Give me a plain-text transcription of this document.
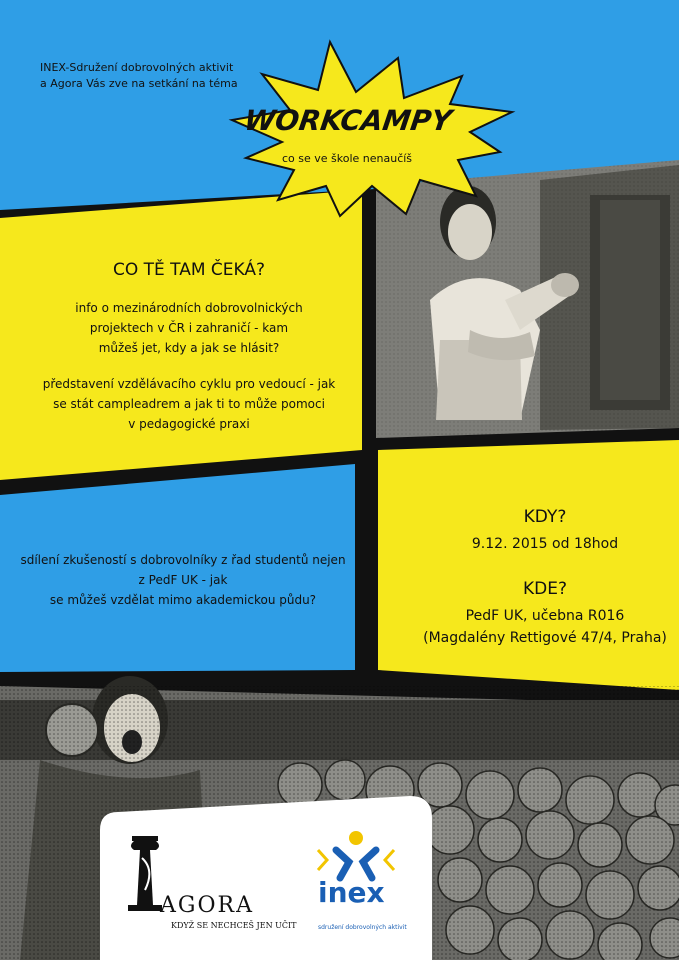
INEX-Sdružení dobrovolných aktivit
a Agora Vás zve na setkání na téma
WORKCAMPY
co se ve škole nenaučíš
CO TĚ TAM ČEKÁ?
info o mezinárodních dobrovolnických
projektech v ČR i zahraničí - kam
můžeš jet, kdy a jak se hlásit?
představení vzdělávacího cyklu pro vedoucí - jak
se stát campleadrem a jak ti to může pomoci
v pedagogické praxi
sdílení zkušeností s dobrovolníky z řad studentů nejen
z PedF UK - jak
se můžeš vzdělat mimo akademickou půdu?
KDY?
9.12. 2015 od 18hod
KDE?
PedF UK, učebna R016
(Magdalény Rettigové 47/4, Praha)
AGORA
KDYŽ SE NECHCEŠ JEN UČIT
inex
sdružení dobrovolných aktivit
